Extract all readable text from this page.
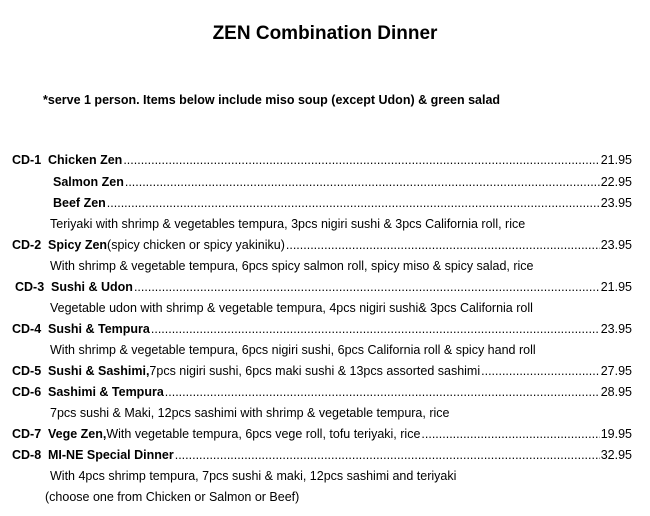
ZEN Combination Dinner
*serve 1 person. Items below include miso soup (except Udon) & green salad
CD-1 Chicken Zen .....	21.95
Salmon Zen .....	22.95
Beef Zen .....	23.95
Teriyaki with shrimp & vegetables tempura, 3pcs nigiri sushi & 3pcs California roll, rice
CD-2 Spicy Zen (spicy chicken or spicy yakiniku) .....	23.95
With shrimp & vegetable tempura, 6pcs spicy salmon roll, spicy miso & spicy salad, rice
CD-3 Sushi & Udon .....	21.95
Vegetable udon with shrimp & vegetable tempura, 4pcs nigiri sushi& 3pcs California roll
CD-4 Sushi & Tempura .....	23.95
With shrimp & vegetable tempura, 6pcs nigiri sushi, 6pcs California roll & spicy hand roll
CD-5 Sushi & Sashimi, 7pcs nigiri sushi, 6pcs maki sushi & 13pcs assorted sashimi .....	27.95
CD-6 Sashimi & Tempura .....	28.95
7pcs sushi & Maki, 12pcs sashimi with shrimp & vegetable tempura, rice
CD-7 Vege Zen, With vegetable tempura, 6pcs vege roll, tofu teriyaki, rice .....	19.95
CD-8 MI-NE Special Dinner .....	32.95
With 4pcs shrimp tempura, 7pcs sushi & maki, 12pcs sashimi and teriyaki
(choose one from Chicken or Salmon or Beef)
